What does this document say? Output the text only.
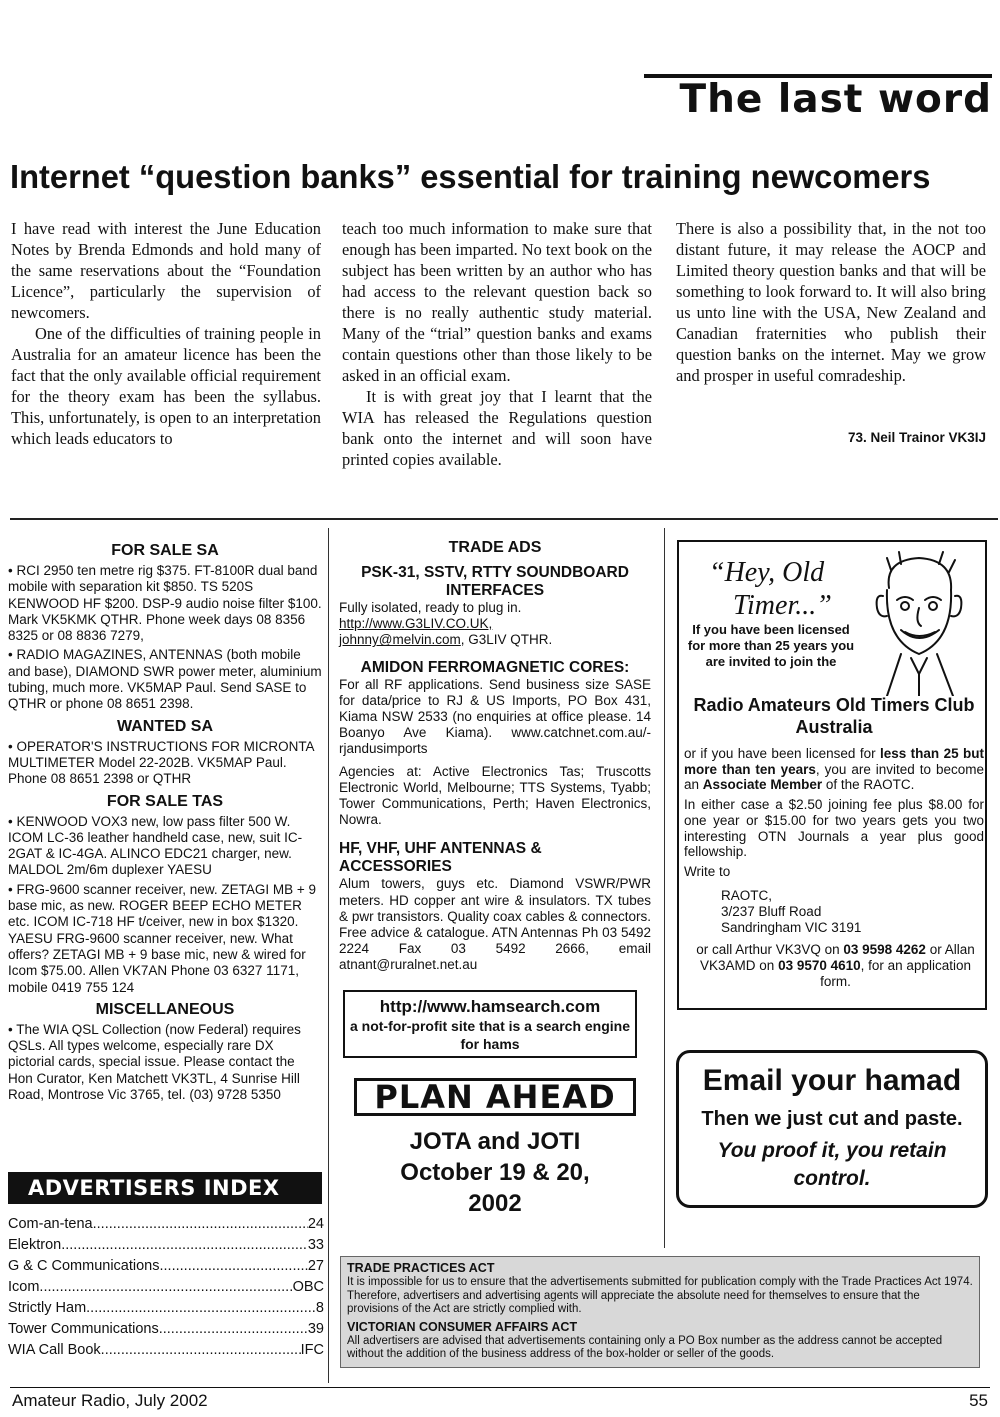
The last word
Internet “question banks” essential for training newcomers

I have read with interest the June Education Notes by Brenda Edmonds and hold many of the same reservations about the “Foundation Licence”, particularly the supervision of newcomers.

One of the difficulties of training people in Australia for an amateur licence has been the fact that the only available official requirement for the theory exam has been the syllabus. This, unfortunately, is open to an interpretation which leads educators to

teach too much information to make sure that enough has been imparted. No text book on the subject has been written by an author who has had access to the relevant question back so there is no really authentic study material. Many of the “trial” question banks and exams contain questions other than those likely to be asked in an official exam.

It is with great joy that I learnt that the WIA has released the Regulations question bank onto the internet and will soon have printed copies available.

There is also a possibility that, in the not too distant future, it may release the AOCP and Limited theory question banks and that will be something to look forward to. It will also bring us unto line with the USA, New Zealand and Canadian fraternities who publish their question banks on the internet. May we grow and prosper in useful comradeship.

73. Neil Trainor VK3IJ
FOR SALE SA
• RCI 2950 ten metre rig $375. FT-8100R dual band mobile with separation kit $850. TS 520S KENWOOD HF $200. DSP-9 audio noise filter $100. Mark VK5KMK QTHR. Phone week days 08 8356 8325 or 08 8836 7279,
• RADIO MAGAZINES, ANTENNAS (both mobile and base), DIAMOND SWR power meter, aluminium tubing, much more. VK5MAP Paul. Send SASE to QTHR or phone 08 8651 2398.
WANTED SA
• OPERATOR'S INSTRUCTIONS FOR MICRONTA MULTIMETER Model 22-202B. VK5MAP Paul. Phone 08 8651 2398 or QTHR
FOR SALE TAS
• KENWOOD VOX3 new, low pass filter 500 W. ICOM LC-36 leather handheld case, new, suit IC-2GAT & IC-4GA. ALINCO EDC21 charger, new. MALDOL 2m/6m duplexer YAESU
• FRG-9600 scanner receiver, new. ZETAGI MB + 9 base mic, as new. ROGER BEEP ECHO METER etc. ICOM IC-718 HF t/ceiver, new in box $1320. YAESU FRG-9600 scanner receiver, new. What offers? ZETAGI MB + 9 base mic, new & wired for Icom $75.00. Allen VK7AN Phone 03 6327 1171, mobile 0419 755 124
MISCELLANEOUS
• The WIA QSL Collection (now Federal) requires QSLs. All types welcome, especially rare DX pictorial cards, special issue. Please contact the Hon Curator, Ken Matchett VK3TL, 4 Sunrise Hill Road, Montrose Vic 3765, tel. (03) 9728 5350
ADVERTISERS INDEX
Com-an-tena .....	24
Elektron .....	33
G & C Communications .....	27
Icom .....	OBC
Strictly Ham .....	8
Tower Communications .....	39
WIA Call Book .....	IFC
TRADE ADS
PSK-31, SSTV, RTTY SOUNDBOARD INTERFACES
Fully isolated, ready to plug in.
http://www.G3LIV.CO.UK,
johnny@melvin.com, G3LIV QTHR.
AMIDON FERROMAGNETIC CORES:
For all RF applications. Send business size SASE for data/price to RJ & US Imports, PO Box 431, Kiama NSW 2533 (no enquiries at office please. 14 Boanyo Ave Kiama). www.catchnet.com.au/-rjandusimports
Agencies at: Active Electronics Tas; Truscotts Electronic World, Melbourne; TTS Systems, Tyabb; Tower Communications, Perth; Haven Electronics, Nowra.
HF, VHF, UHF ANTENNAS & ACCESSORIES
Alum towers, guys etc. Diamond VSWR/PWR meters. HD copper ant wire & insulators. TX tubes & pwr transistors. Quality coax cables & connectors. Free advice & catalogue. ATN Antennas Ph 03 5492 2224 Fax 03 5492 2666, email atnant@ruralnet.net.au
http://www.hamsearch.com
a not-for-profit site that is a search engine for hams
PLAN AHEAD
JOTA and JOTI
October 19 & 20,
2002
“Hey, Old
Timer...”
If you have been licensed for more than 25 years you are invited to join the
Radio Amateurs Old Timers Club Australia

or if you have been licensed for less than 25 but more than ten years, you are invited to become an Associate Member of the RAOTC.

In either case a $2.50 joining fee plus $8.00 for one year or $15.00 for two years gets you two interesting OTN Journals a year plus good fellowship.

Write to

RAOTC,
3/237 Bluff Road
Sandringham VIC 3191
or call Arthur VK3VQ on 03 9598 4262 or Allan VK3AMD on 03 9570 4610, for an application form.
Email your hamad
Then we just cut and paste.
You proof it, you retain control.
TRADE PRACTICES ACT
It is impossible for us to ensure that the advertisements submitted for publication comply with the Trade Practices Act 1974. Therefore, advertisers and advertising agents will appreciate the absolute need for themselves to ensure that the provisions of the Act are strictly complied with.
VICTORIAN CONSUMER AFFAIRS ACT
All advertisers are advised that advertisements containing only a PO Box number as the address cannot be accepted without the addition of the business address of the box-holder or seller of the goods.
Amateur Radio, July 2002	55
